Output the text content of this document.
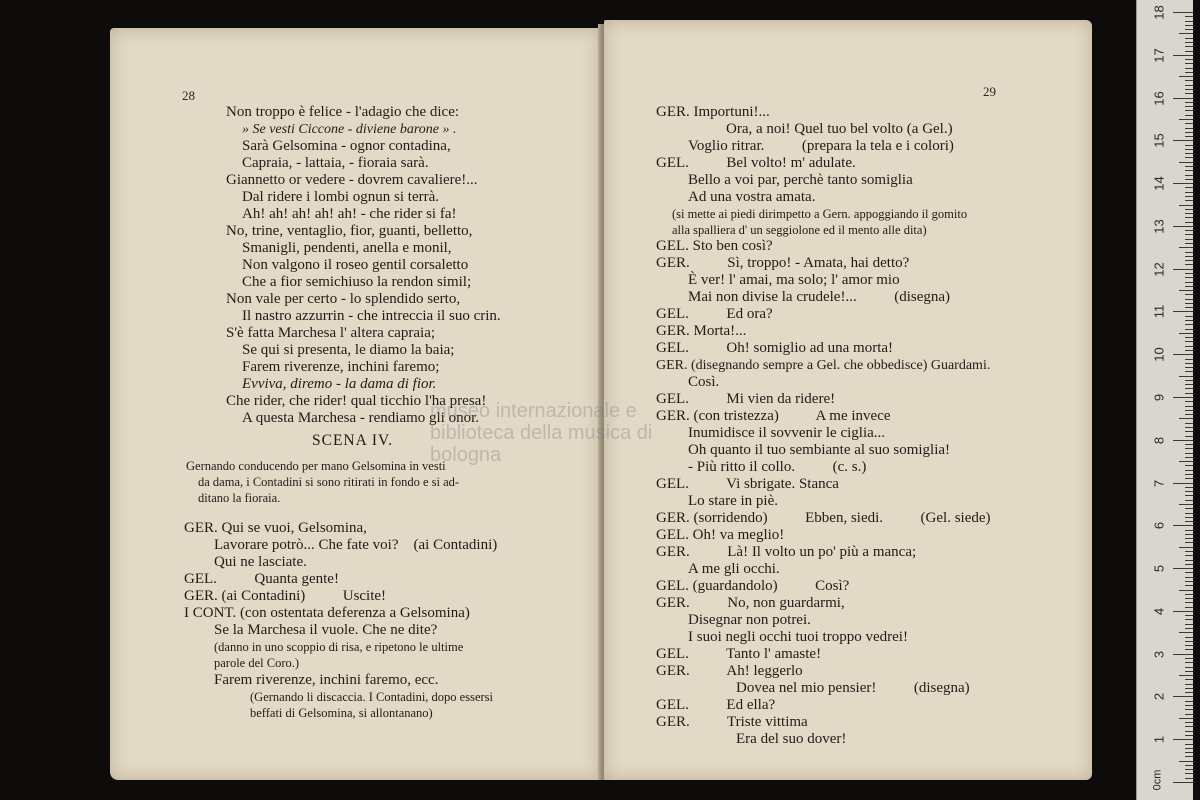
28	29
Non troppo è felice - l'adagio che dice:
» Se vesti Ciccone - diviene barone » .
Sarà Gelsomina - ognor contadina,
Capraia, - lattaia, - fioraia sarà.
Giannetto or vedere - dovrem cavaliere!...
Dal ridere i lombi ognun si terrà.
Ah! ah! ah! ah! ah! - che rider si fa!
No, trine, ventaglio, fior, guanti, belletto,
Smanigli, pendenti, anella e monil,
Non valgono il roseo gentil corsaletto
Che a fior semichiuso la rendon simil;
Non vale per certo - lo splendido serto,
Il nastro azzurrin - che intreccia il suo crin.
S'è fatta Marchesa l' altera capraia;
Se qui si presenta, le diamo la baia;
Farem riverenze, inchini faremo;
Evviva, diremo - la dama di fior.
Che rider, che rider! qual ticchio l'ha presa!
A questa Marchesa - rendiamo gli onor.
SCENA IV.
Gernando conducendo per mano Gelsomina in vesti
da dama, i Contadini si sono ritirati in fondo e si ad-
ditano la fioraia.
GER. Qui se vuoi, Gelsomina,
Lavorare potrò... Che fate voi?    (ai Contadini)
Qui ne lasciate.
GEL.          Quanta gente!
GER. (ai Contadini)          Uscite!
I CONT. (con ostentata deferenza a Gelsomina)
Se la Marchesa il vuole. Che ne dite?
(danno in uno scoppio di risa, e ripetono le ultime
parole del Coro.)
Farem riverenze, inchini faremo, ecc.
(Gernando li discaccia. I Contadini, dopo essersi
beffati di Gelsomina, si allontanano)
GER. Importuni!...
Ora, a noi! Quel tuo bel volto (a Gel.)
Voglio ritrar.          (prepara la tela e i colori)
GEL.          Bel volto! m' adulate.
Bello a voi par, perchè tanto somiglia
Ad una vostra amata.
(si mette ai piedi dirimpetto a Gern. appoggiando il gomito
alla spalliera d' un seggiolone ed il mento alle dita)
GEL. Sto ben così?
GER.          Sì, troppo! - Amata, hai detto?
È ver! l' amai, ma solo; l' amor mio
Mai non divise la crudele!...          (disegna)
GEL.          Ed ora?
GER. Morta!...
GEL.          Oh! somiglio ad una morta!
GER. (disegnando sempre a Gel. che obbedisce) Guardami.
Così.
GEL.          Mi vien da ridere!
GER. (con tristezza)          A me invece
Inumidisce il sovvenir le ciglia...
Oh quanto il tuo sembiante al suo somiglia!
- Più ritto il collo.          (c. s.)
GEL.          Vi sbrigate. Stanca
Lo stare in piè.
GER. (sorridendo)          Ebben, siedi.          (Gel. siede)
GEL. Oh! va meglio!
GER.          Là! Il volto un po' più a manca;
A me gli occhi.
GEL. (guardandolo)          Così?
GER.          No, non guardarmi,
Disegnar non potrei.
I suoi negli occhi tuoi troppo vedrei!
GEL.          Tanto l' amaste!
GER.          Ah! leggerlo
Dovea nel mio pensier!          (disegna)
GEL.          Ed ella?
GER.          Triste vittima
Era del suo dover!
museo internazionale e biblioteca della musica di bologna
18
17
16
15
14
13
12
11
10
9
8
7
6
5
4
3
2
1
0cm
